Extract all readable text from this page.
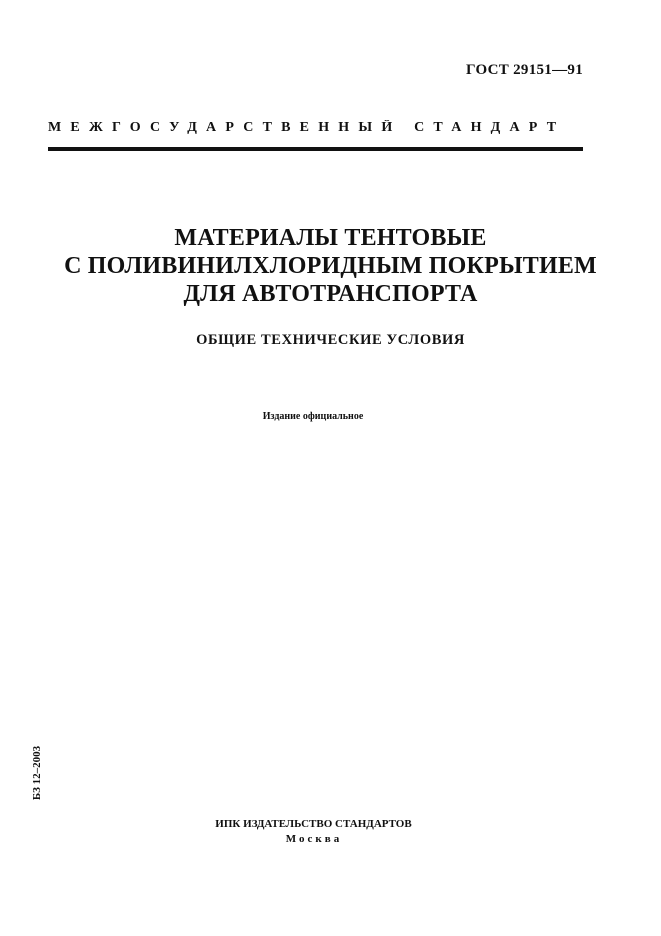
ГОСТ 29151—91
МЕЖГОСУДАРСТВЕННЫЙ СТАНДАРТ
МАТЕРИАЛЫ ТЕНТОВЫЕ
С ПОЛИВИНИЛХЛОРИДНЫМ ПОКРЫТИЕМ
ДЛЯ АВТОТРАНСПОРТА
ОБЩИЕ ТЕХНИЧЕСКИЕ УСЛОВИЯ
Издание официальное
БЗ 12–2003
ИПК ИЗДАТЕЛЬСТВО СТАНДАРТОВ
Москва
